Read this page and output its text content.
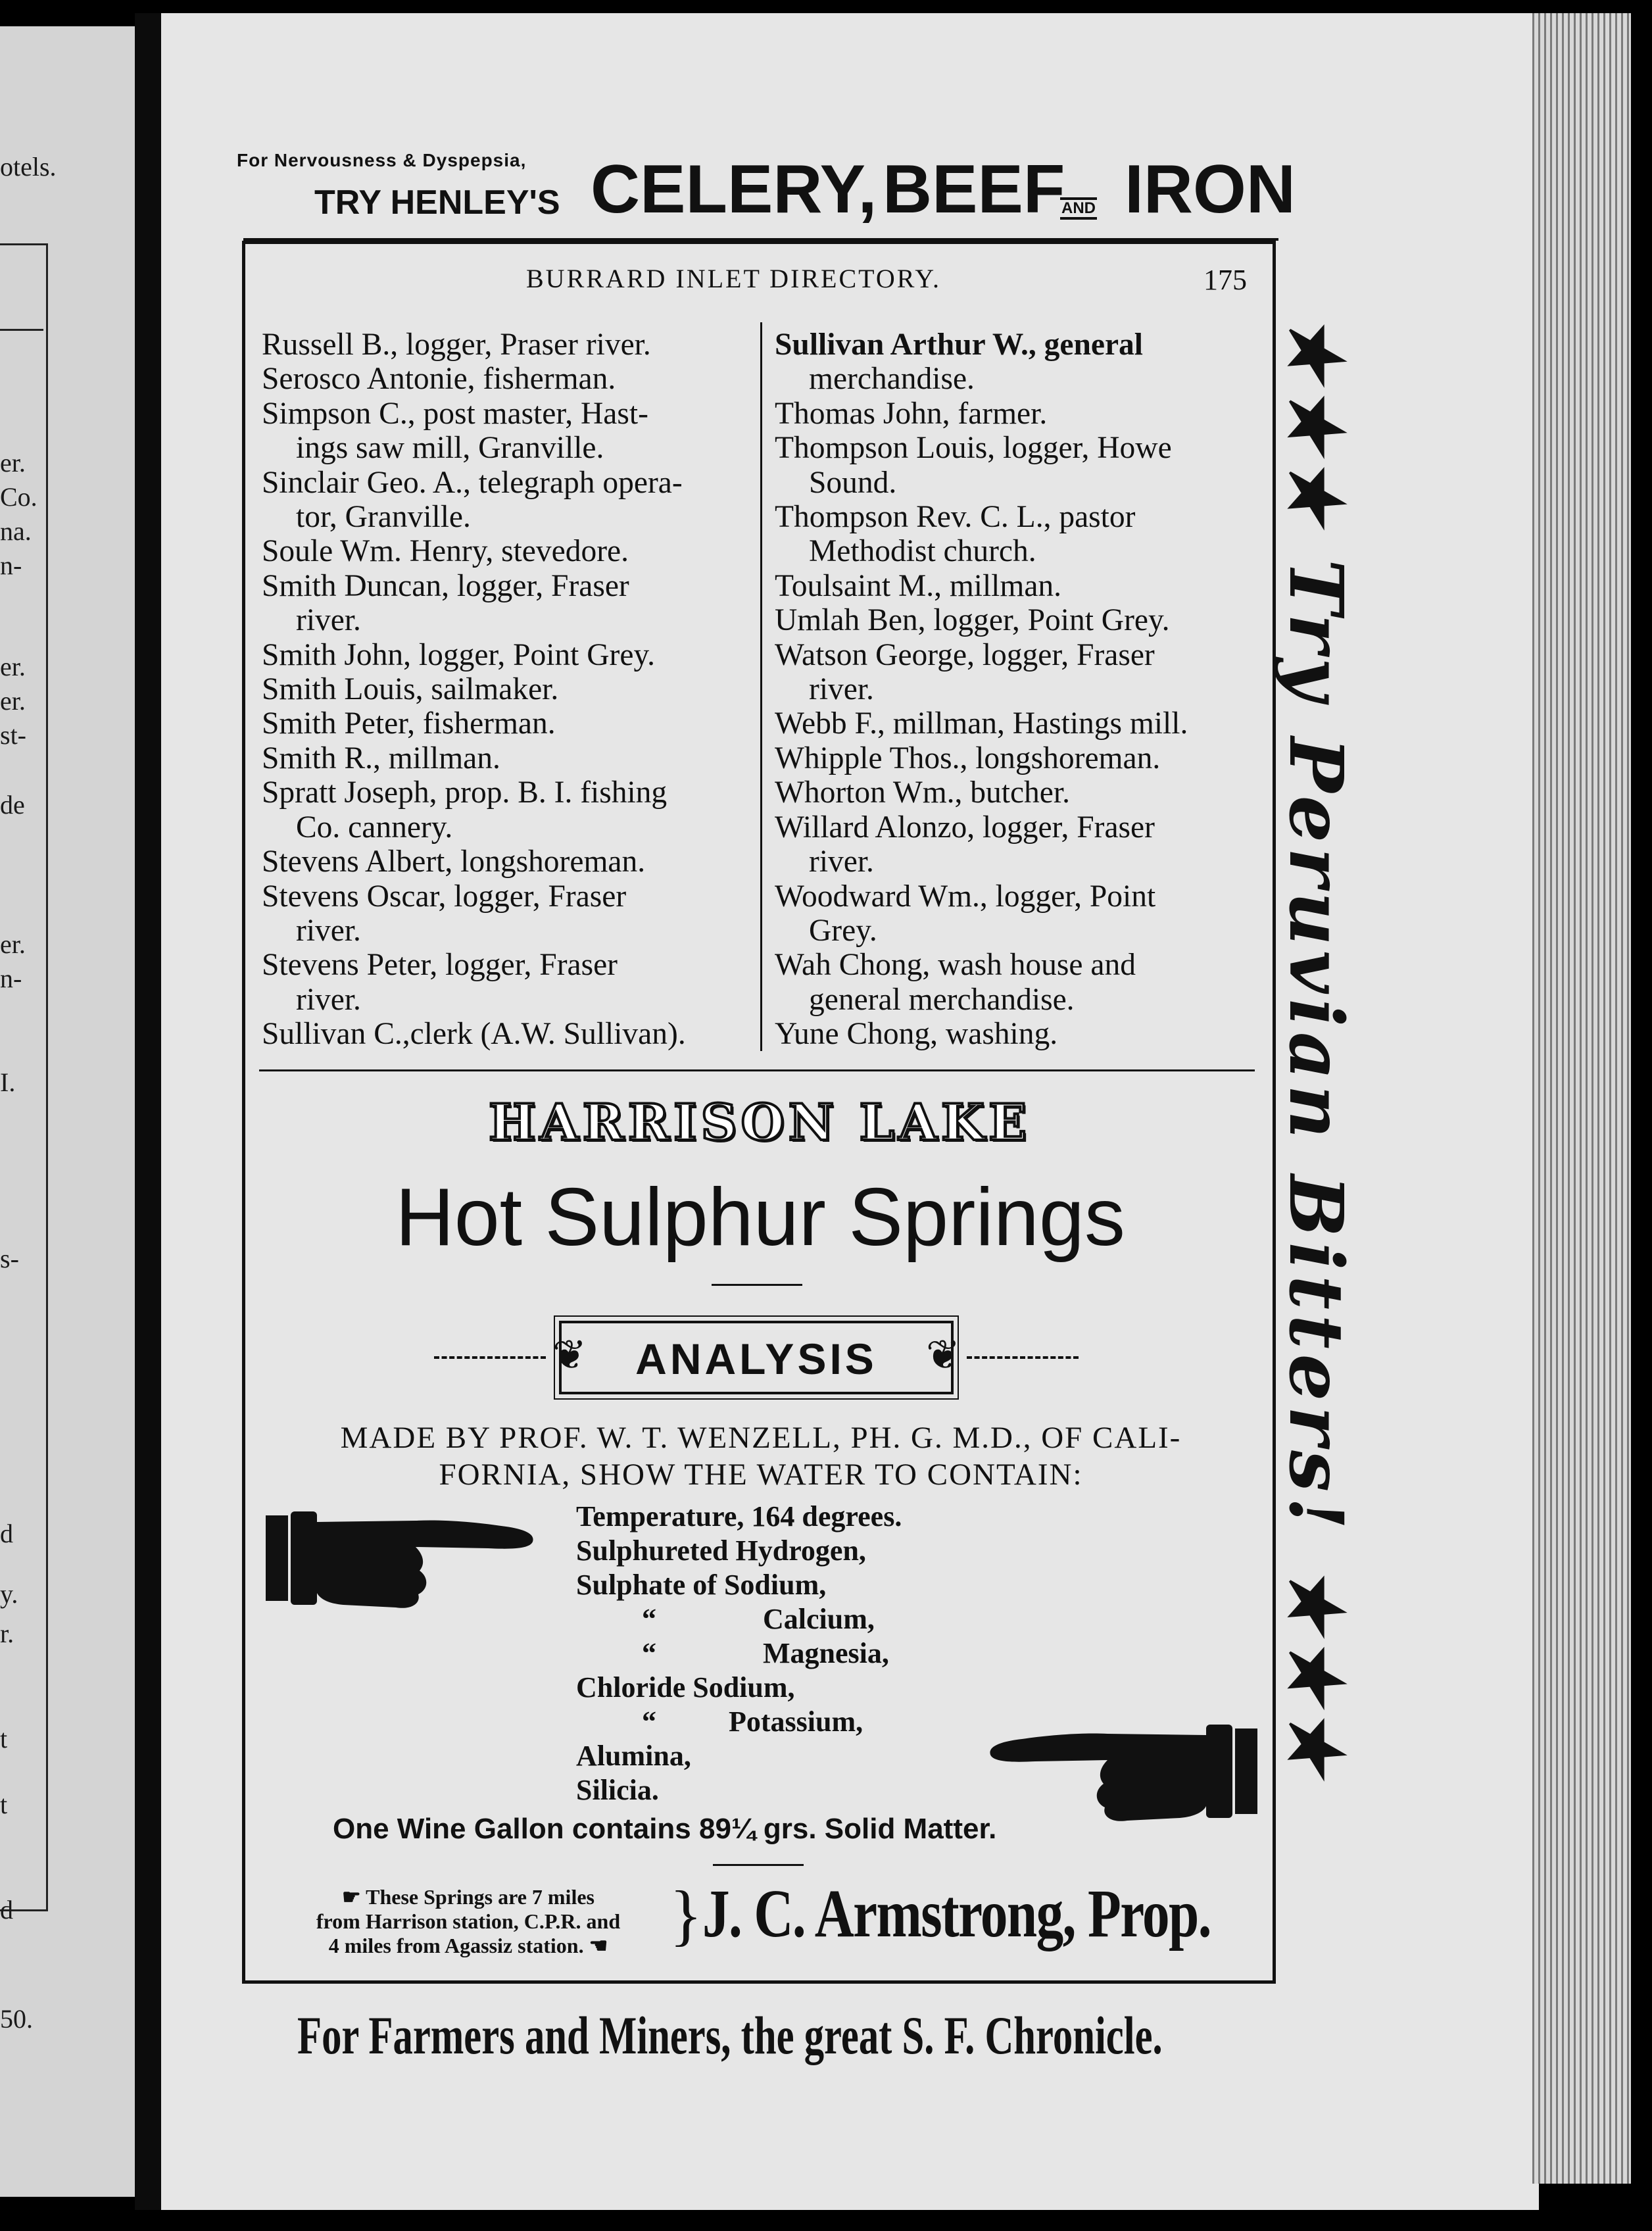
otels.
er.
Co.
na.
n-
er.
er.
st-
de
er.
n-
I.
s-
d
y.
r.
t
t
d
50.
For Nervousness & Dyspepsia,
TRY HENLEY'S CELERY, BEEF
AND IRON
BURRARD INLET DIRECTORY.	175
Russell B., logger, Praser river.
Serosco Antonie, fisherman.
Simpson C., post master, Hast-
ings saw mill, Granville.
Sinclair Geo. A., telegraph opera-
tor, Granville.
Soule Wm. Henry, stevedore.
Smith Duncan, logger, Fraser
river.
Smith John, logger, Point Grey.
Smith Louis, sailmaker.
Smith Peter, fisherman.
Smith R., millman.
Spratt Joseph, prop. B. I. fishing
Co. cannery.
Stevens Albert, longshoreman.
Stevens Oscar, logger, Fraser
river.
Stevens Peter, logger, Fraser
river.
Sullivan C.,clerk (A.W. Sullivan).
Sullivan Arthur W., general
merchandise.
Thomas John, farmer.
Thompson Louis, logger, Howe
Sound.
Thompson Rev. C. L., pastor
Methodist church.
Toulsaint M., millman.
Umlah Ben, logger, Point Grey.
Watson George, logger, Fraser
river.
Webb F., millman, Hastings mill.
Whipple Thos., longshoreman.
Whorton Wm., butcher.
Willard Alonzo, logger, Fraser
river.
Woodward Wm., logger, Point
Grey.
Wah Chong, wash house and
general merchandise.
Yune Chong, washing.
HARRISON LAKE
Hot Sulphur Springs
❦	ANALYSIS	❦
MADE BY PROF. W. T. WENZELL, PH. G. M.D., OF CALI-
FORNIA, SHOW THE WATER TO CONTAIN:
Temperature, 164 degrees.
Sulphureted Hydrogen,
Sulphate of Sodium,
“	Calcium,
“	Magnesia,
Chloride Sodium,
“	Potassium,
Alumina,
Silicia.
One Wine Gallon contains 89¼ grs. Solid Matter.
☛ These Springs are 7 miles
from Harrison station, C.P.R. and
4 miles from Agassiz station. ☚ } J. C. Armstrong, Prop.
★★★ Try Peruvian Bitters! ★★★
For Farmers and Miners, the great S. F. Chronicle.
